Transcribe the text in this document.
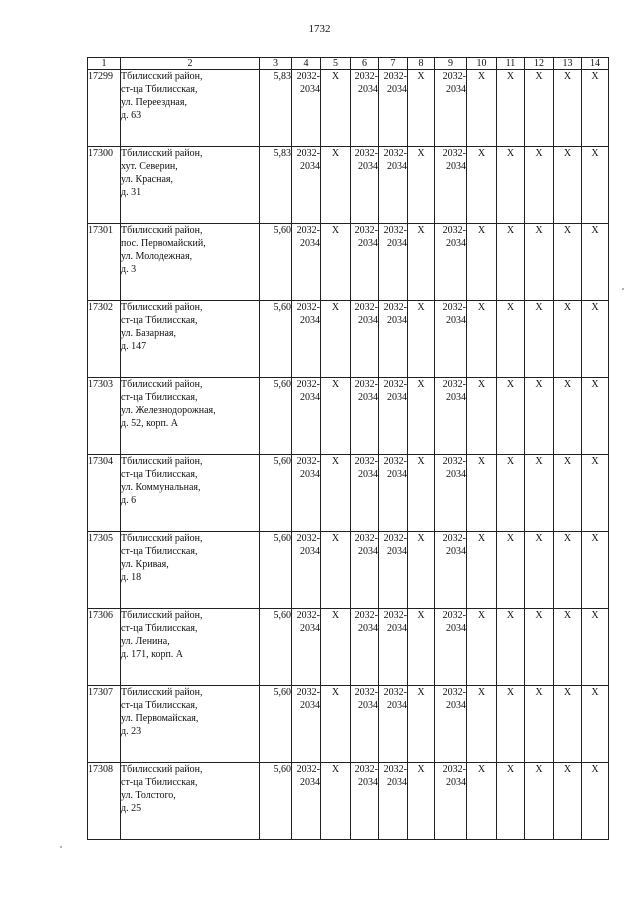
1732
1	2	3	4	5	6	7	8	9	10	11	12	13	14
17299	Тбилисский район,
ст-ца Тбилисская,
ул. Переездная,
д. 63	5,83	2032-
2034	X	2032-
2034	2032-
2034	X	2032-
2034	X	X	X	X	X
17300	Тбилисский район,
хут. Северин,
ул. Красная,
д. 31	5,83	2032-
2034	X	2032-
2034	2032-
2034	X	2032-
2034	X	X	X	X	X
17301	Тбилисский район,
пос. Первомайский,
ул. Молодежная,
д. 3	5,60	2032-
2034	X	2032-
2034	2032-
2034	X	2032-
2034	X	X	X	X	X
17302	Тбилисский район,
ст-ца Тбилисская,
ул. Базарная,
д. 147	5,60	2032-
2034	X	2032-
2034	2032-
2034	X	2032-
2034	X	X	X	X	X
17303	Тбилисский район,
ст-ца Тбилисская,
ул. Железнодорожная,
д. 52, корп. А	5,60	2032-
2034	X	2032-
2034	2032-
2034	X	2032-
2034	X	X	X	X	X
17304	Тбилисский район,
ст-ца Тбилисская,
ул. Коммунальная,
д. 6	5,60	2032-
2034	X	2032-
2034	2032-
2034	X	2032-
2034	X	X	X	X	X
17305	Тбилисский район,
ст-ца Тбилисская,
ул. Кривая,
д. 18	5,60	2032-
2034	X	2032-
2034	2032-
2034	X	2032-
2034	X	X	X	X	X
17306	Тбилисский район,
ст-ца Тбилисская,
ул. Ленина,
д. 171, корп. А	5,60	2032-
2034	X	2032-
2034	2032-
2034	X	2032-
2034	X	X	X	X	X
17307	Тбилисский район,
ст-ца Тбилисская,
ул. Первомайская,
д. 23	5,60	2032-
2034	X	2032-
2034	2032-
2034	X	2032-
2034	X	X	X	X	X
17308	Тбилисский район,
ст-ца Тбилисская,
ул. Толстого,
д. 25	5,60	2032-
2034	X	2032-
2034	2032-
2034	X	2032-
2034	X	X	X	X	X
